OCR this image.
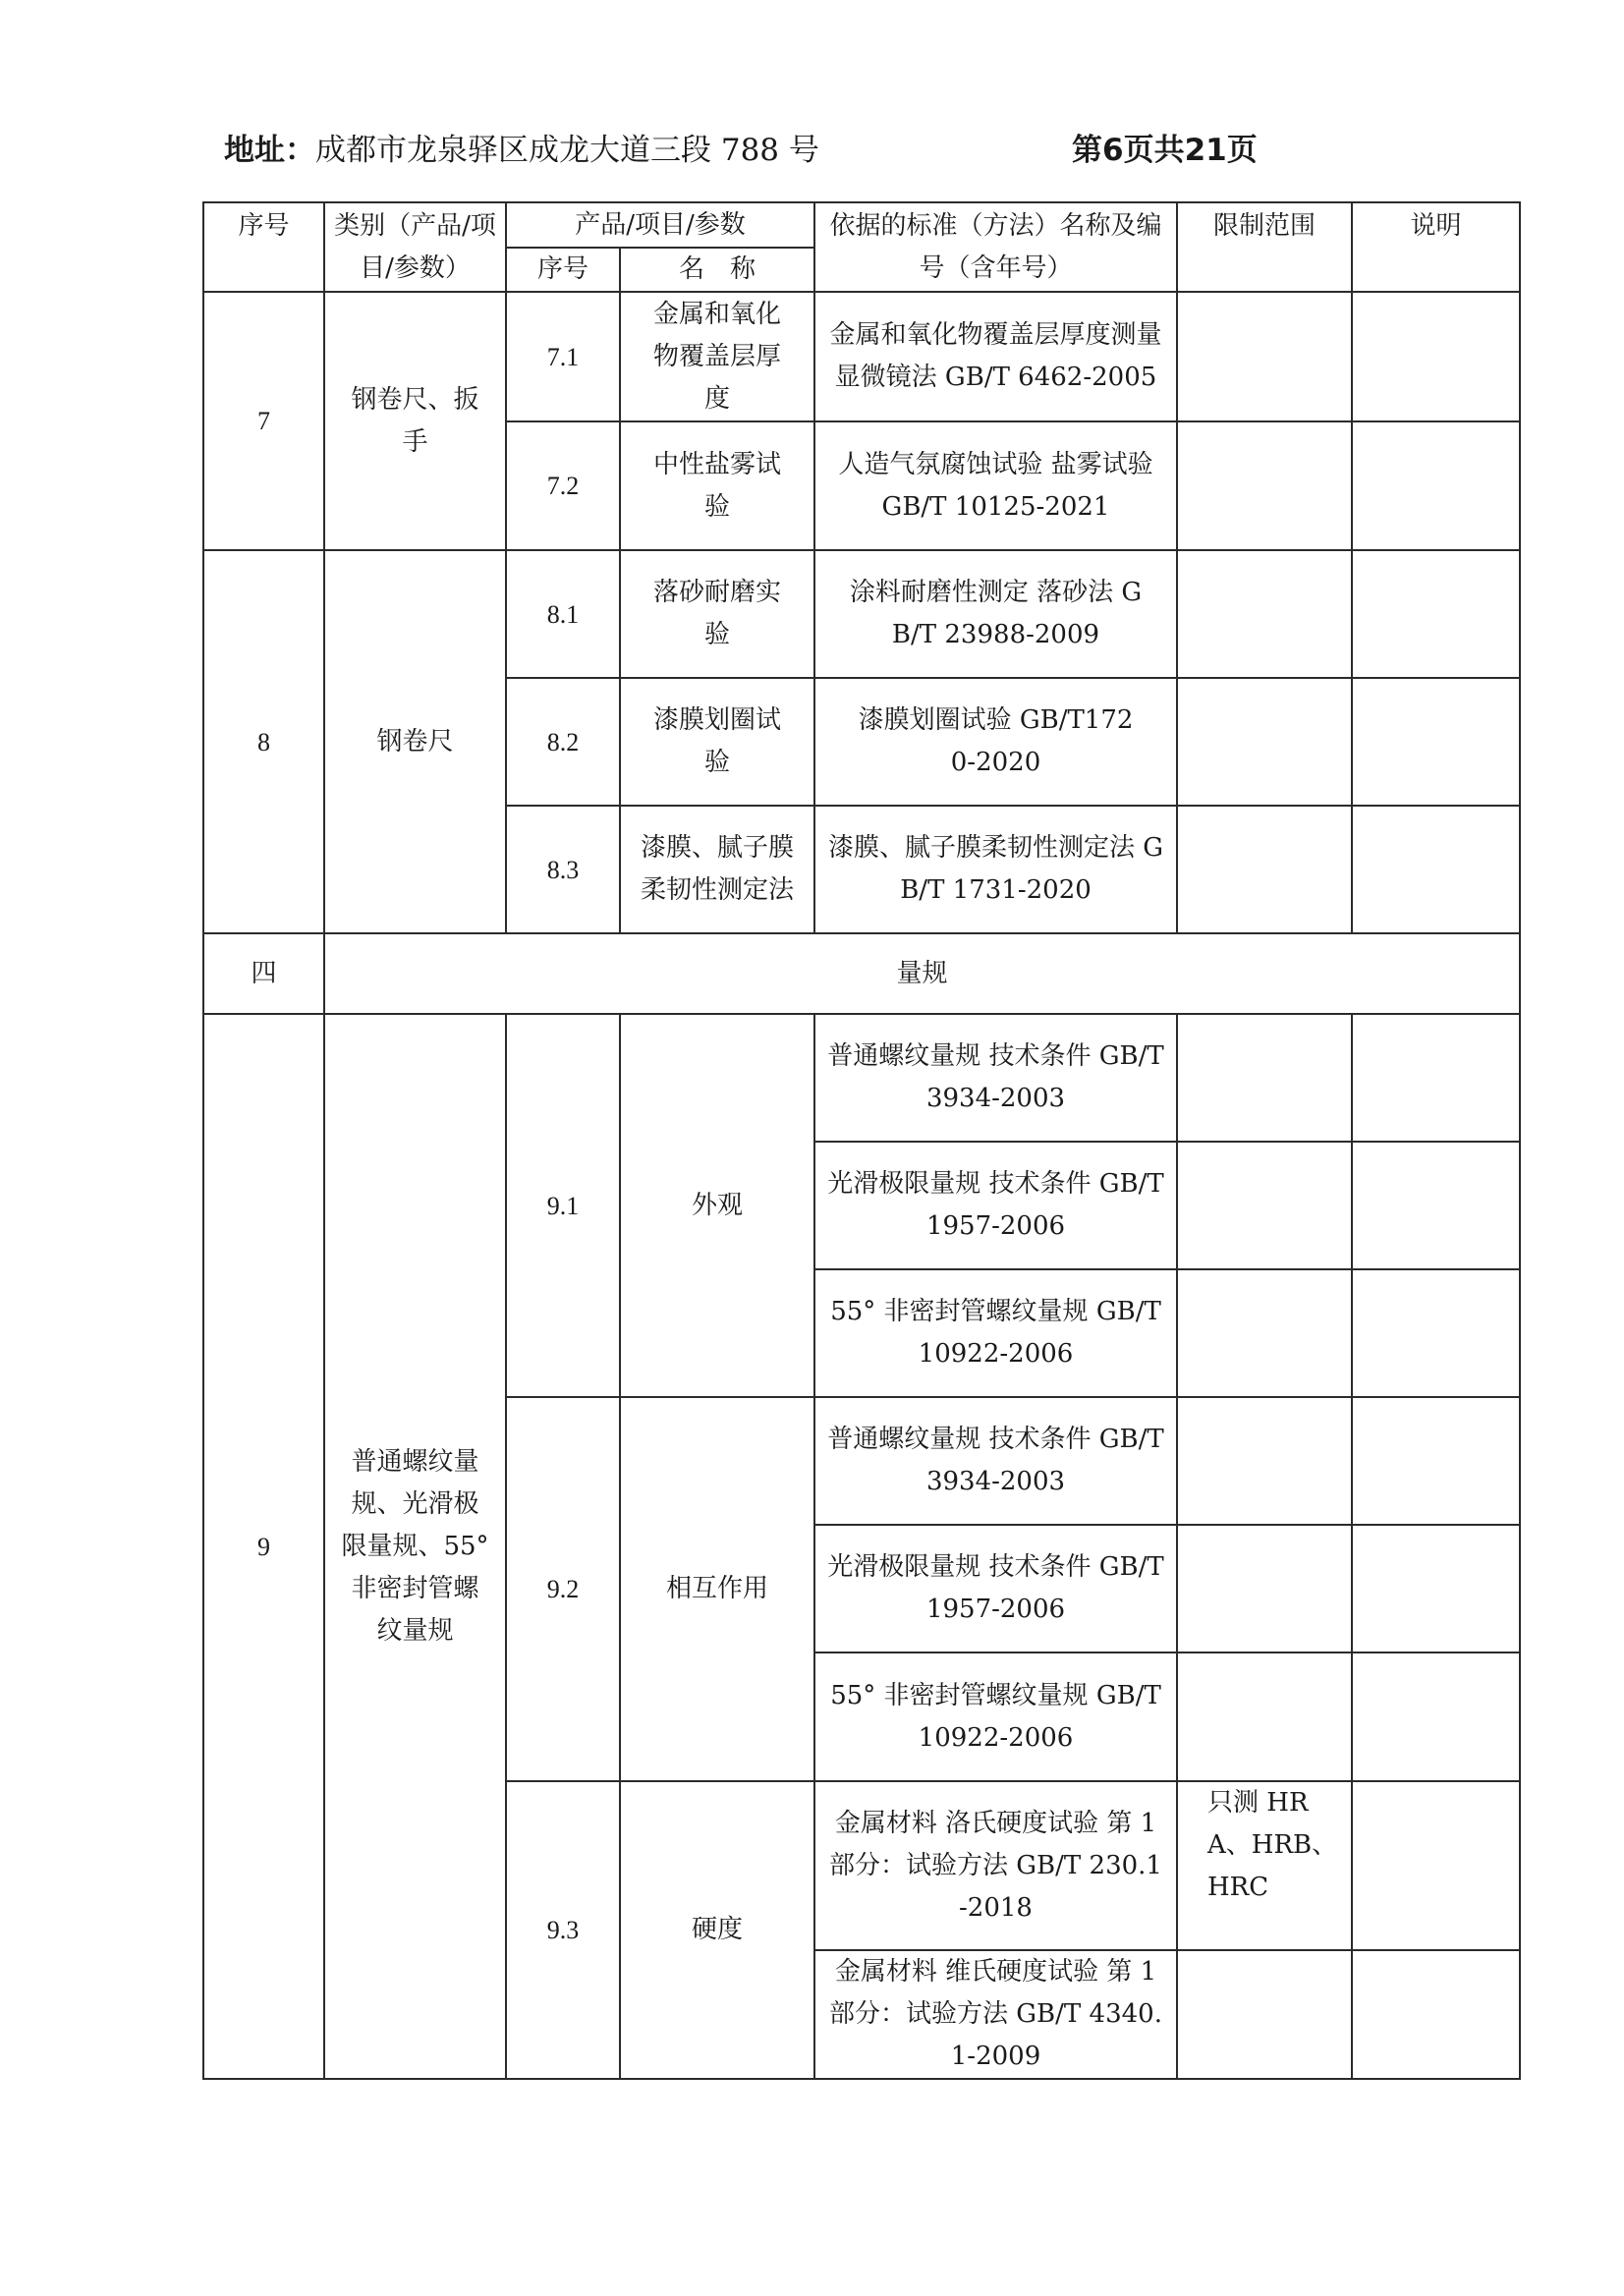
地址：成都市龙泉驿区成龙大道三段 788 号	第6页共21页
序号	类别（产品/项目/参数）	产品/项目/参数		依据的标准（方法）名称及编号（含年号）	限制范围	说明
		序号	名　称			
7	钢卷尺、扳手	7.1	金属和氧化物覆盖层厚度	金属和氧化物覆盖层厚度测量 显微镜法 GB/T 6462-2005		
		7.2	中性盐雾试验	人造气氛腐蚀试验 盐雾试验 GB/T 10125-2021		
8	钢卷尺	8.1	落砂耐磨实验	涂料耐磨性测定 落砂法 GB/T 23988-2009		
		8.2	漆膜划圈试验	漆膜划圈试验 GB/T1720-2020		
		8.3	漆膜、腻子膜柔韧性测定法	漆膜、腻子膜柔韧性测定法 GB/T 1731-2020		
四	量规					
9	普通螺纹量规、光滑极限量规、55° 非密封管螺纹量规	9.1	外观	普通螺纹量规 技术条件 GB/T 3934-2003		
				光滑极限量规 技术条件 GB/T 1957-2006		
				55° 非密封管螺纹量规 GB/T 10922-2006		
		9.2	相互作用	普通螺纹量规 技术条件 GB/T 3934-2003		
				光滑极限量规 技术条件 GB/T 1957-2006		
				55° 非密封管螺纹量规 GB/T 10922-2006		
		9.3	硬度	金属材料 洛氏硬度试验 第 1 部分：试验方法 GB/T 230.1-2018	只测 HRA、HRB、HRC	
				金属材料 维氏硬度试验 第 1 部分：试验方法 GB/T 4340.1-2009		
